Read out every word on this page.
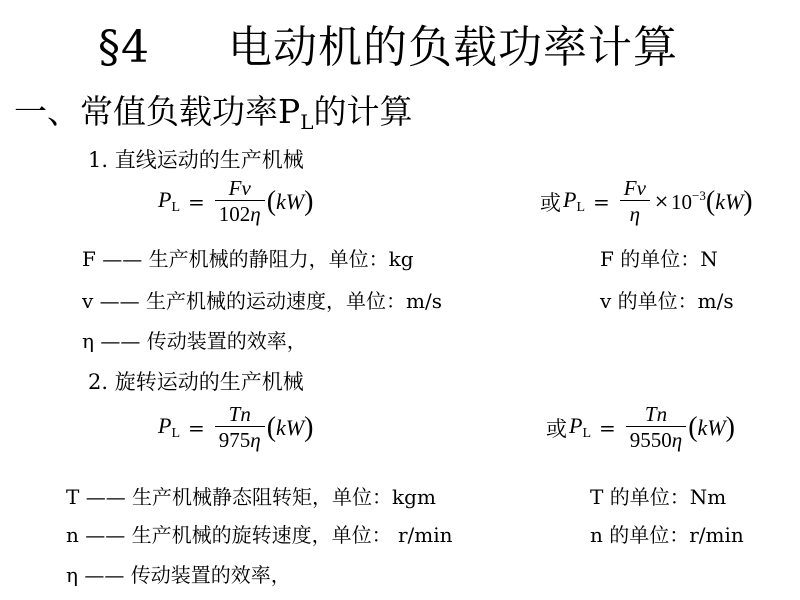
§4 电动机的负载功率计算
一、常值负载功率$P_L$的计算
1. 直线运动的生产机械
$P_L = \frac{Fv}{102\eta}$ ( kW )	或 $P_L = \frac{Fv}{\eta} \times 10^{-3}$ ( kW )
F —— 生产机械的静阻力，单位：kg	F 的单位：N
v —— 生产机械的运动速度，单位：m/s	v 的单位：m/s
η —— 传动装置的效率，
2. 旋转运动的生产机械
$P_L = \frac{Tn}{975\eta}$ ( kW )	或 $P_L = \frac{Tn}{9550\eta}$ ( kW )
T —— 生产机械静态阻转矩，单位：kgm	T 的单位：Nm
n —— 生产机械的旋转速度，单位： r/min	n 的单位：r/min
η —— 传动装置的效率，
